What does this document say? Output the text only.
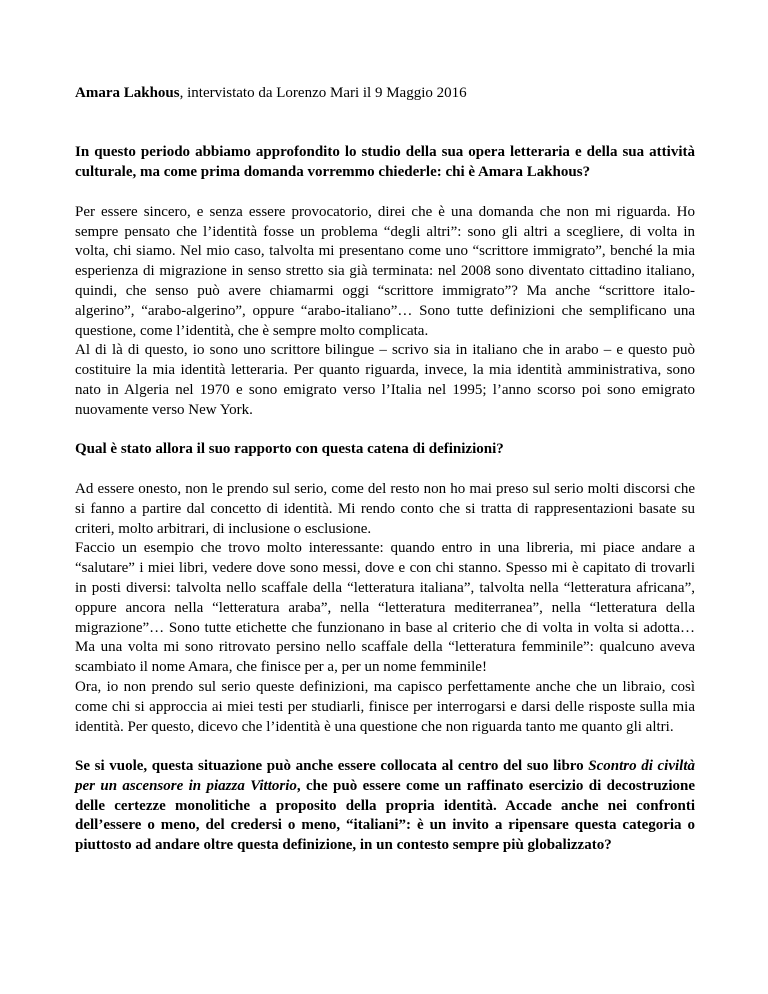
Amara Lakhous, intervistato da Lorenzo Mari il 9 Maggio 2016

In questo periodo abbiamo approfondito lo studio della sua opera letteraria e della sua attività culturale, ma come prima domanda vorremmo chiederle: chi è Amara Lakhous?

Per essere sincero, e senza essere provocatorio, direi che è una domanda che non mi riguarda. Ho sempre pensato che l’identità fosse un problema “degli altri”: sono gli altri a scegliere, di volta in volta, chi siamo. Nel mio caso, talvolta mi presentano come uno “scrittore immigrato”, benché la mia esperienza di migrazione in senso stretto sia già terminata: nel 2008 sono diventato cittadino italiano, quindi, che senso può avere chiamarmi oggi “scrittore immigrato”? Ma anche “scrittore italo-algerino”, “arabo-algerino”, oppure “arabo-italiano”… Sono tutte definizioni che semplificano una questione, come l’identità, che è sempre molto complicata.

Al di là di questo, io sono uno scrittore bilingue – scrivo sia in italiano che in arabo – e questo può costituire la mia identità letteraria. Per quanto riguarda, invece, la mia identità amministrativa, sono nato in Algeria nel 1970 e sono emigrato verso l’Italia nel 1995; l’anno scorso poi sono emigrato nuovamente verso New York.

Qual è stato allora il suo rapporto con questa catena di definizioni?

Ad essere onesto, non le prendo sul serio, come del resto non ho mai preso sul serio molti discorsi che si fanno a partire dal concetto di identità. Mi rendo conto che si tratta di rappresentazioni basate su criteri, molto arbitrari, di inclusione o esclusione.

Faccio un esempio che trovo molto interessante: quando entro in una libreria, mi piace andare a “salutare” i miei libri, vedere dove sono messi, dove e con chi stanno. Spesso mi è capitato di trovarli in posti diversi: talvolta nello scaffale della “letteratura italiana”, talvolta nella “letteratura africana”, oppure ancora nella “letteratura araba”, nella “letteratura mediterranea”, nella “letteratura della migrazione”… Sono tutte etichette che funzionano in base al criterio che di volta in volta si adotta… Ma una volta mi sono ritrovato persino nello scaffale della “letteratura femminile”: qualcuno aveva scambiato il nome Amara, che finisce per a, per un nome femminile!

Ora, io non prendo sul serio queste definizioni, ma capisco perfettamente anche che un libraio, così come chi si approccia ai miei testi per studiarli, finisce per interrogarsi e darsi delle risposte sulla mia identità. Per questo, dicevo che l’identità è una questione che non riguarda tanto me quanto gli altri.

Se si vuole, questa situazione può anche essere collocata al centro del suo libro Scontro di civiltà per un ascensore in piazza Vittorio, che può essere come un raffinato esercizio di decostruzione delle certezze monolitiche a proposito della propria identità. Accade anche nei confronti dell’essere o meno, del credersi o meno, “italiani”: è un invito a ripensare questa categoria o piuttosto ad andare oltre questa definizione, in un contesto sempre più globalizzato?
